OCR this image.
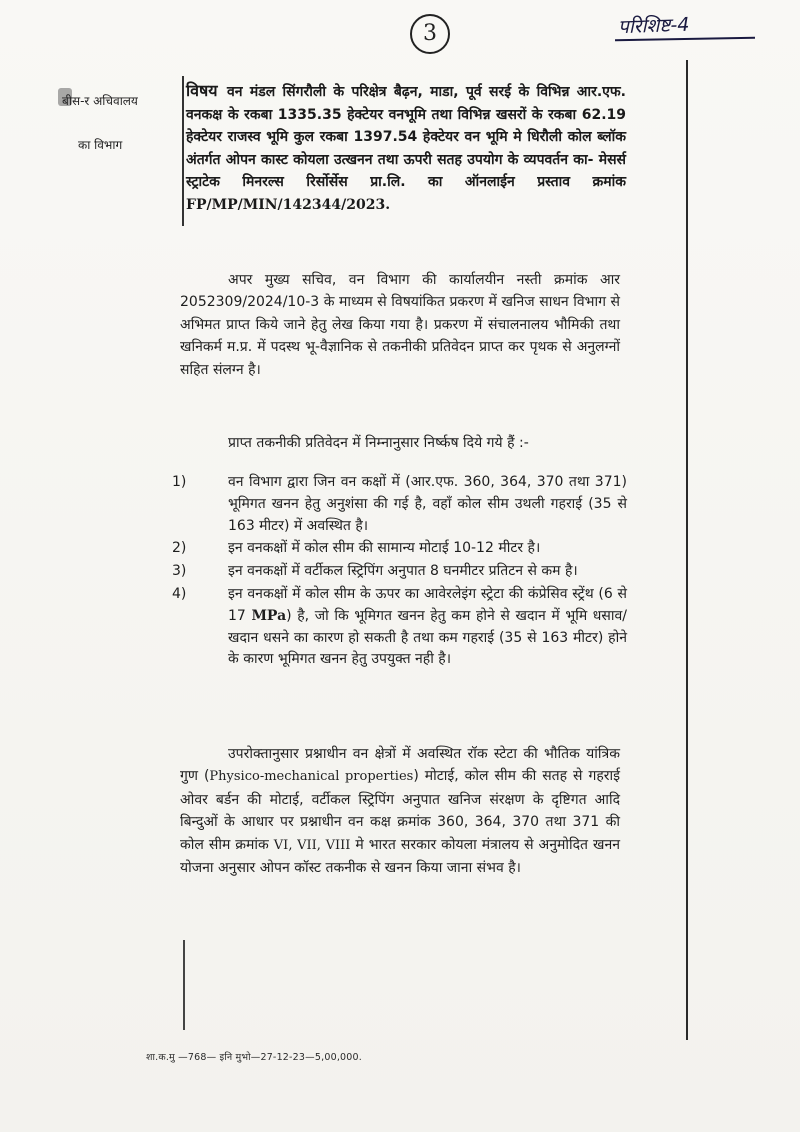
3	परिशिष्ट-4
बीस-र अचिवालय
का विभाग
विषय वन मंडल सिंगरौली के परिक्षेत्र बैढ़न, माडा, पूर्व सरई के विभिन्न आर.एफ. वनकक्ष के रकबा 1335.35 हेक्टेयर वनभूमि तथा विभिन्न खसरों के रकबा 62.19 हेक्टेयर राजस्व भूमि कुल रकबा 1397.54 हेक्टेयर वन भूमि मे धिरौली कोल ब्लॉक अंतर्गत ओपन कास्ट कोयला उत्खनन तथा ऊपरी सतह उपयोग के व्यपवर्तन का- मेसर्स स्ट्राटेक मिनरल्स रिर्सोर्सेस प्रा.लि. का ऑनलाईन प्रस्ताव क्रमांक FP/MP/MIN/142344/2023.
अपर मुख्य सचिव, वन विभाग की कार्यालयीन नस्ती क्रमांक आर 2052309/2024/10-3 के माध्यम से विषयांकित प्रकरण में खनिज साधन विभाग से अभिमत प्राप्त किये जाने हेतु लेख किया गया है। प्रकरण में संचालनालय भौमिकी तथा खनिकर्म म.प्र. में पदस्थ भू-वैज्ञानिक से तकनीकी प्रतिवेदन प्राप्त कर पृथक से अनुलग्नों सहित संलग्न है।
प्राप्त तकनीकी प्रतिवेदन में निम्नानुसार निर्ष्कष दिये गये हैं :-
1)	वन विभाग द्वारा जिन वन कक्षों में (आर.एफ. 360, 364, 370 तथा 371) भूमिगत खनन हेतु अनुशंसा की गई है, वहाँ कोल सीम उथली गहराई (35 से 163 मीटर) में अवस्थित है।
2)	इन वनकक्षों में कोल सीम की सामान्य मोटाई 10-12 मीटर है।
3)	इन वनकक्षों में वर्टीकल स्ट्रिपिंग अनुपात 8 घनमीटर प्रतिटन से कम है।
4)	इन वनकक्षों में कोल सीम के ऊपर का आवेरलेइंग स्ट्रेटा की कंप्रेसिव स्ट्रेंथ (6 से 17 MPa) है, जो कि भूमिगत खनन हेतु कम होने से खदान में भूमि धसाव/खदान धसने का कारण हो सकती है तथा कम गहराई (35 से 163 मीटर) होने के कारण भूमिगत खनन हेतु उपयुक्त नही है।
उपरोक्तानुसार प्रश्नाधीन वन क्षेत्रों में अवस्थित रॉक स्टेटा की भौतिक यांत्रिक गुण (Physico-mechanical properties) मोटाई, कोल सीम की सतह से गहराई ओवर बर्डन की मोटाई, वर्टीकल स्ट्रिपिंग अनुपात खनिज संरक्षण के दृष्टिगत आदि बिन्दुओं के आधार पर प्रश्नाधीन वन कक्ष क्रमांक 360, 364, 370 तथा 371 की कोल सीम क्रमांक VI, VII, VIII मे भारत सरकार कोयला मंत्रालय से अनुमोदित खनन योजना अनुसार ओपन कॉस्ट तकनीक से खनन किया जाना संभव है।
शा.क.मु —768— इनि मुभो—27-12-23—5,00,000.
